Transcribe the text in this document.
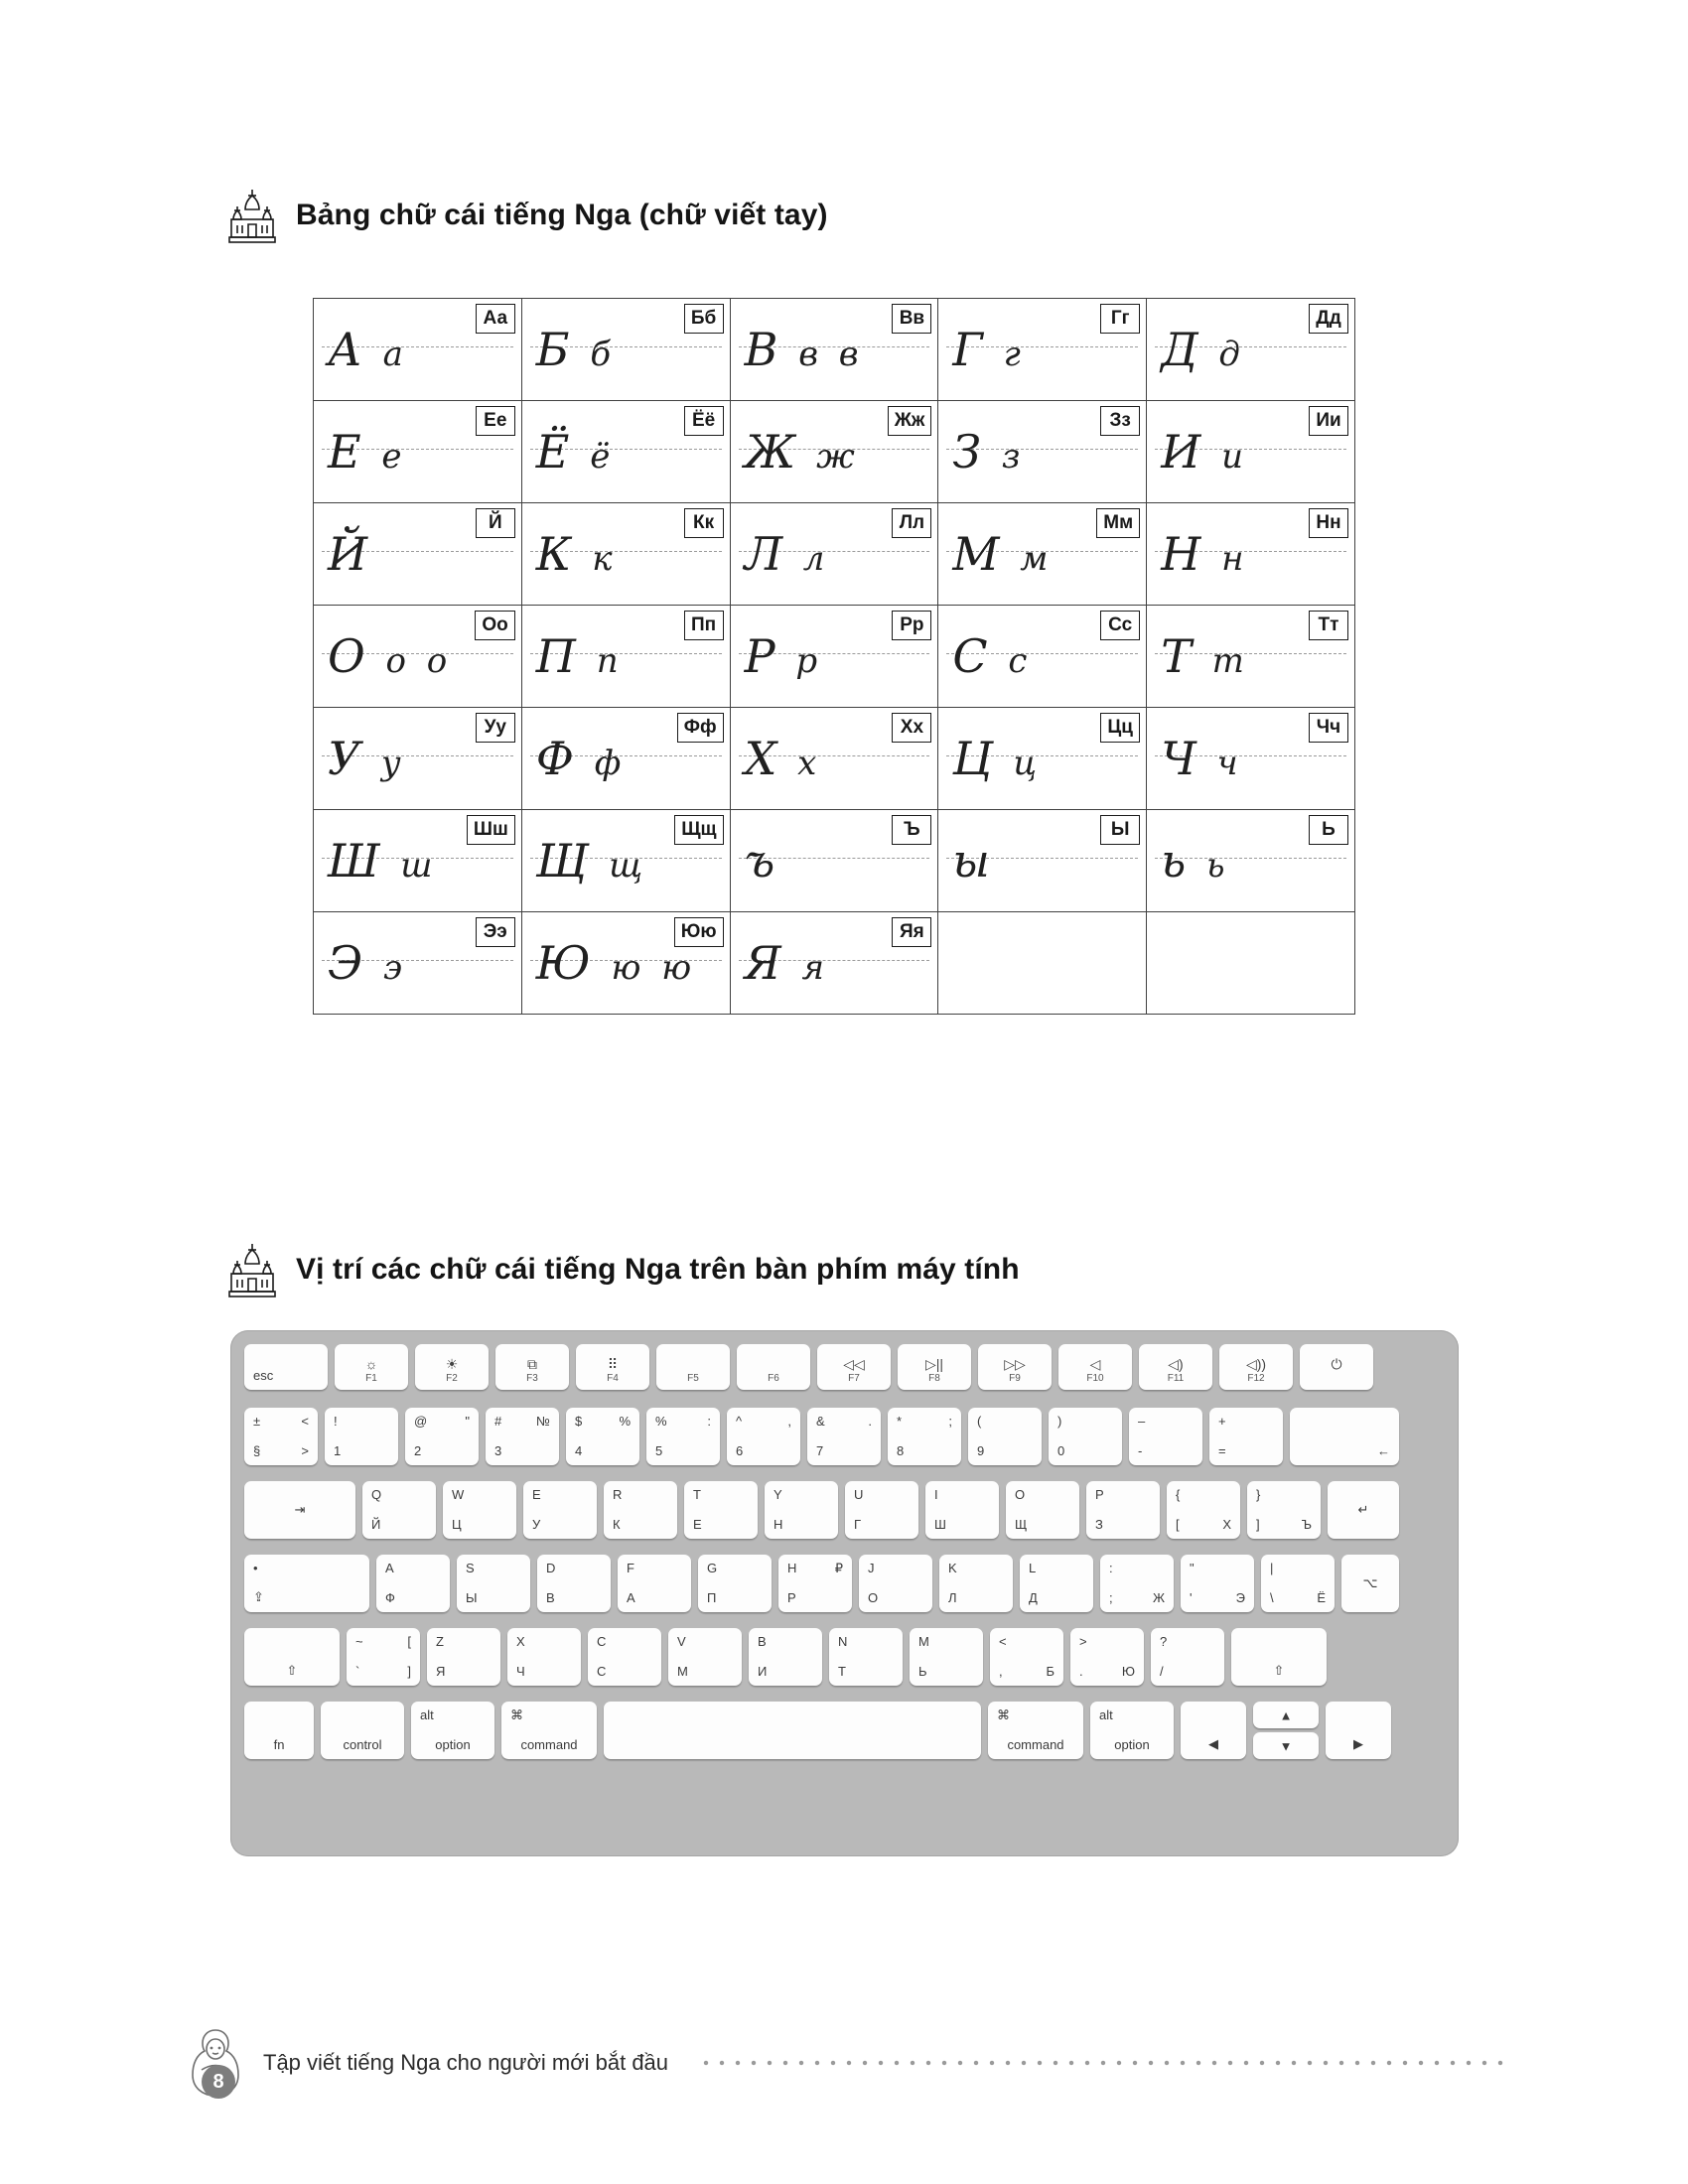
Bảng chữ cái tiếng Nga (chữ viết tay)
Аа
А а	Бб
Б б	Вв
В в в	Гг
Г г	Дд
Д д

Ее
Е е	Ёё
Ё ё	Жж
Ж ж	Зз
З з	Ии
И и

Й
Й	Кк
К к	Лл
Л л	Мм
М м	Нн
Н н

Оо
О о о	Пп
П п	Рр
Р р	Сс
С с	Тт
Т т

Уу
У у	Фф
Ф ф	Хх
Х х	Цц
Ц ц	Чч
Ч ч

Шш
Ш ш	Щщ
Щ щ	Ъ
ъ	Ы
ы	Ь
ь ь

Ээ
Э э	Юю
Ю ю ю	Яя
Я я		

Vị trí các chữ cái tiếng Nga trên bàn phím máy tính
esc
☼
F1
☀
F2
⧉
F3
⠿
F4	F5	F6
◁◁
F7
▷||
F8
▷▷
F9
◁
F10
◁)
F11
◁))
F12
⏻
±
§
<
>
!
1
@
2
" #
3
№ $
4
% %
5
: ^
6
, &
7
. *
8
; (
9
)
0
–
-
+
=	←
⇥
Q
Й
W
Ц
E
У
R
К
T
Е
Y
Н
U
Г
I
Ш
O
Щ
P
З
{
[	Х
}
]	Ъ
↵
•
⇪
A
Ф
S
Ы
D
В
F
А
G
П
H
Р
₽ J
О
K
Л
L
Д
:
;	Ж
"
'	Э
|
\	Ё
⌥
⇧
~
`
[
]
Z
Я
X
Ч
C
С
V
М
B
И
N
Т
M
Ь
<
,	Б
>
.	Ю
?
/	⇧
fn	control
alt
option
⌘
command
⌘
command
alt
option	◀
▲
▼	▶
8
Tập viết tiếng Nga cho người mới bắt đầu
